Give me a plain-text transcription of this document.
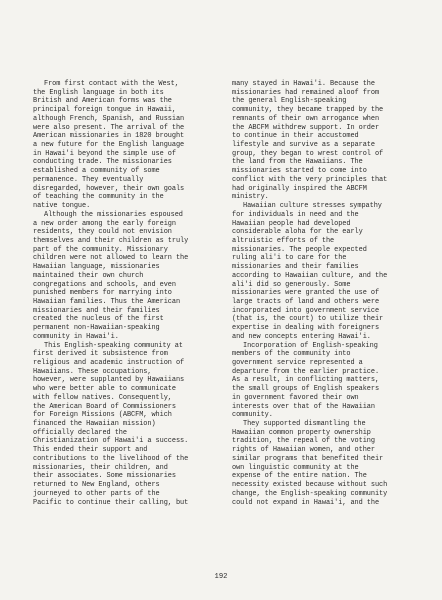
From first contact with the West,
the English language in both its
British and American forms was the
principal foreign tongue in Hawaii,
although French, Spanish, and Russian
were also present. The arrival of the
American missionaries in 1820 brought
a new future for the English language
in Hawai'i beyond the simple use of
conducting trade. The missionaries
established a community of some
permanence. They eventually
disregarded, however, their own goals
of teaching the community in the
native tongue.

Although the missionaries espoused
a new order among the early foreign
residents, they could not envision
themselves and their children as truly
part of the community. Missionary
children were not allowed to learn the
Hawaiian language, missionaries
maintained their own church
congregations and schools, and even
punished members for marrying into
Hawaiian families. Thus the American
missionaries and their families
created the nucleus of the first
permanent non-Hawaiian-speaking
community in Hawai'i.

This English-speaking community at
first derived it subsistence from
religious and academic instruction of
Hawaiians. These occupations,
however, were supplanted by Hawaiians
who were better able to communicate
with fellow natives. Consequently,
the American Board of Commissioners
for Foreign Missions (ABCFM, which
financed the Hawaiian mission)
officially declared the
Christianization of Hawai'i a success.
This ended their support and
contributions to the livelihood of the
missionaries, their children, and
their associates. Some missionaries
returned to New England, others
journeyed to other parts of the
Pacific to continue their calling, but

many stayed in Hawai'i. Because the
missionaries had remained aloof from
the general English-speaking
community, they became trapped by the
remnants of their own arrogance when
the ABCFM withdrew support. In order
to continue in their accustomed
lifestyle and survive as a separate
group, they began to wrest control of
the land from the Hawaiians. The
missionaries started to come into
conflict with the very principles that
had originally inspired the ABCFM
ministry.

Hawaiian culture stresses sympathy
for individuals in need and the
Hawaiian people had developed
considerable aloha for the early
altruistic efforts of the
missionaries. The people expected
ruling ali'i to care for the
missionaries and their families
according to Hawaiian culture, and the
ali'i did so generously. Some
missionaries were granted the use of
large tracts of land and others were
incorporated into government service
(that is, the court) to utilize their
expertise in dealing with foreigners
and new concepts entering Hawai'i.

Incorporation of English-speaking
members of the community into
government service represented a
departure from the earlier practice.
As a result, in conflicting matters,
the small groups of English speakers
in government favored their own
interests over that of the Hawaiian
community.

They supported dismantling the
Hawaiian common property ownership
tradition, the repeal of the voting
rights of Hawaiian women, and other
similar programs that benefited their
own linguistic community at the
expense of the entire nation. The
necessity existed because without such
change, the English-speaking community
could not expand in Hawai'i, and the

192
